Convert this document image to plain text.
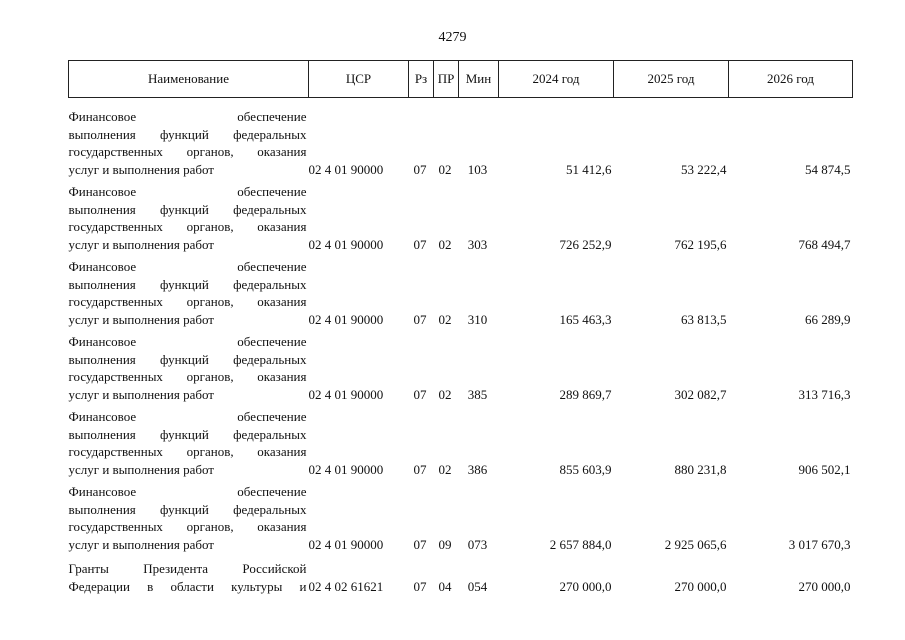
4279
Наименование	ЦСР	Рз	ПР	Мин	2024 год	2025 год	2026 год

Финансовое обеспечение
выполнения функций федеральных
государственных органов, оказания
услуг и выполнения работ	02 4 01 90000	07	02	103	51 412,6	53 222,4	54 874,5

Финансовое обеспечение
выполнения функций федеральных
государственных органов, оказания
услуг и выполнения работ	02 4 01 90000	07	02	303	726 252,9	762 195,6	768 494,7

Финансовое обеспечение
выполнения функций федеральных
государственных органов, оказания
услуг и выполнения работ	02 4 01 90000	07	02	310	165 463,3	63 813,5	66 289,9

Финансовое обеспечение
выполнения функций федеральных
государственных органов, оказания
услуг и выполнения работ	02 4 01 90000	07	02	385	289 869,7	302 082,7	313 716,3

Финансовое обеспечение
выполнения функций федеральных
государственных органов, оказания
услуг и выполнения работ	02 4 01 90000	07	02	386	855 603,9	880 231,8	906 502,1

Финансовое обеспечение
выполнения функций федеральных
государственных органов, оказания
услуг и выполнения работ	02 4 01 90000	07	09	073	2 657 884,0	2 925 065,6	3 017 670,3

Гранты Президента Российской
Федерации в области культуры и	02 4 02 61621	07	04	054	270 000,0	270 000,0	270 000,0
